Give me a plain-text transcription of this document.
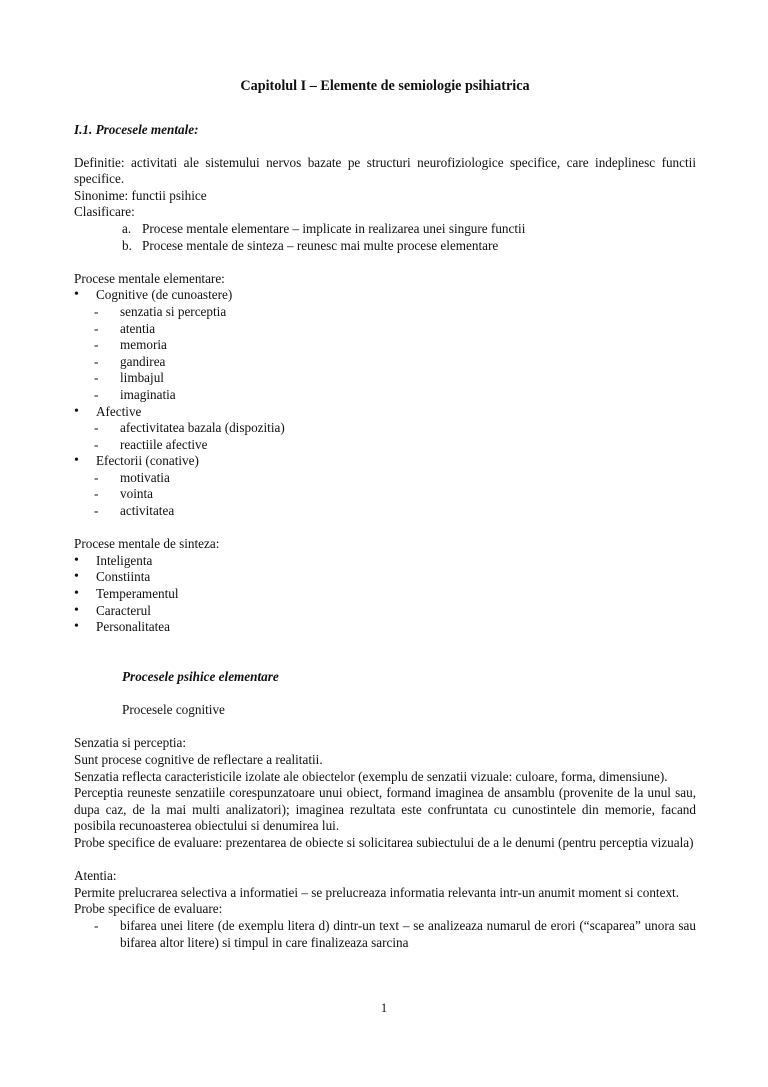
Capitolul I – Elemente de semiologie psihiatrica
I.1. Procesele mentale:
Definitie: activitati ale sistemului nervos bazate pe structuri neurofiziologice specifice, care indeplinesc functii specifice.
Sinonime: functii psihice
Clasificare:
a. Procese mentale elementare – implicate in realizarea unei singure functii
b. Procese mentale de sinteza – reunesc mai multe procese elementare
Procese mentale elementare:
• Cognitive (de cunoastere)
- senzatia si perceptia
- atentia
- memoria
- gandirea
- limbajul
- imaginatia
• Afective
- afectivitatea bazala (dispozitia)
- reactiile afective
• Efectorii (conative)
- motivatia
- vointa
- activitatea
Procese mentale de sinteza:
• Inteligenta
• Constiinta
• Temperamentul
• Caracterul
• Personalitatea
Procesele psihice elementare
Procesele cognitive
Senzatia si perceptia:
Sunt procese cognitive de reflectare a realitatii.
Senzatia reflecta caracteristicile izolate ale obiectelor (exemplu de senzatii vizuale: culoare, forma, dimensiune).
Perceptia reuneste senzatiile corespunzatoare unui obiect, formand imaginea de ansamblu (provenite de la unul sau, dupa caz, de la mai multi analizatori); imaginea rezultata este confruntata cu cunostintele din memorie, facand posibila recunoasterea obiectului si denumirea lui.
Probe specifice de evaluare: prezentarea de obiecte si solicitarea subiectului de a le denumi (pentru perceptia vizuala)
Atentia:
Permite prelucrarea selectiva a informatiei – se prelucreaza informatia relevanta intr-un anumit moment si context.
Probe specifice de evaluare:
- bifarea unei litere (de exemplu litera d) dintr-un text – se analizeaza numarul de erori (“scaparea” unora sau bifarea altor litere) si timpul in care finalizeaza sarcina
1
